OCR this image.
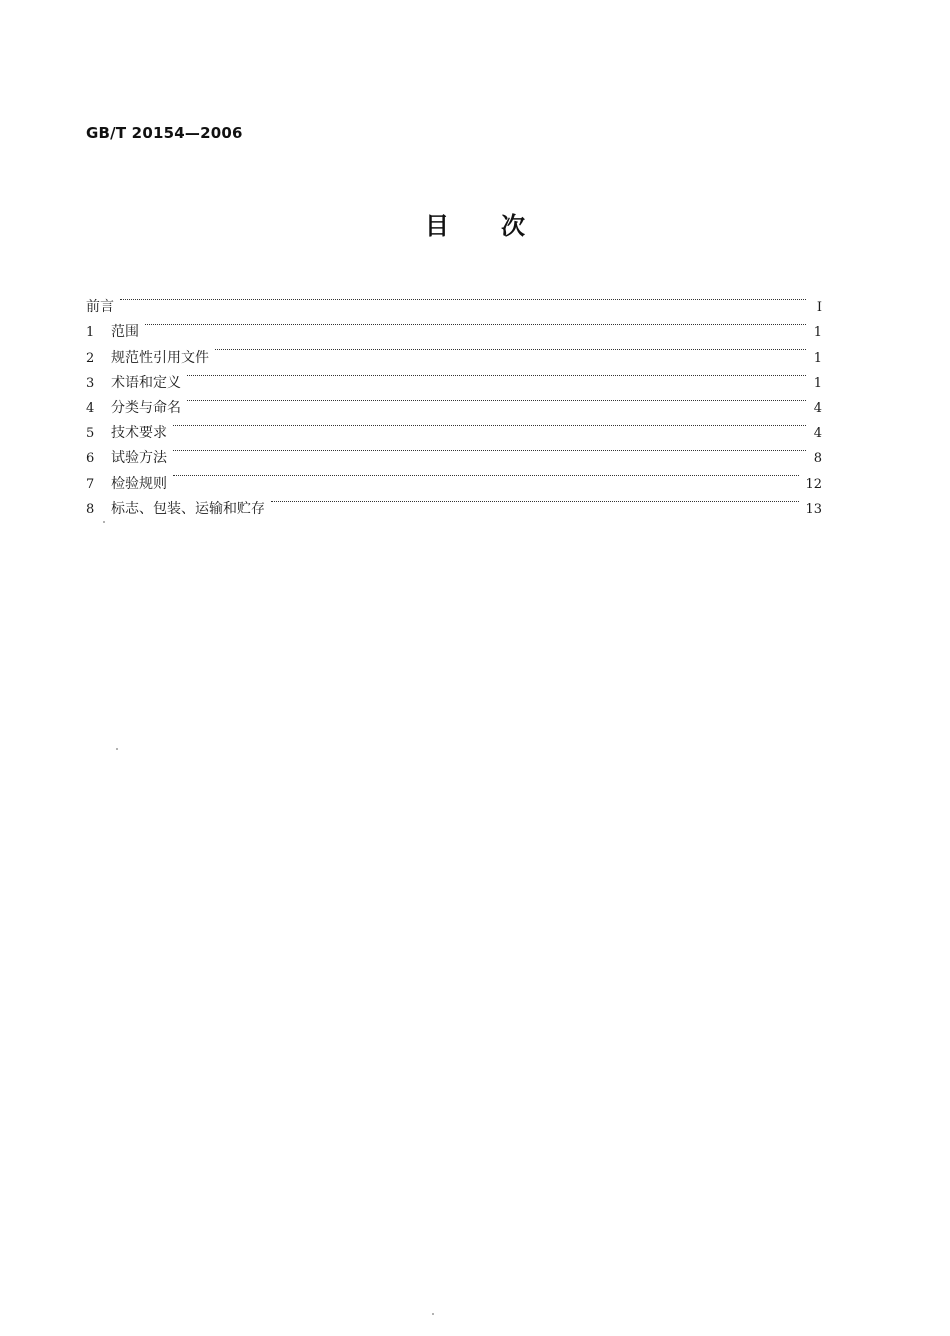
GB/T 20154—2006
目 次
前言	I
1	范围	1
2	规范性引用文件	1
3	术语和定义	1
4	分类与命名	4
5	技术要求	4
6	试验方法	8
7	检验规则	12
8	标志、包装、运输和贮存	13
